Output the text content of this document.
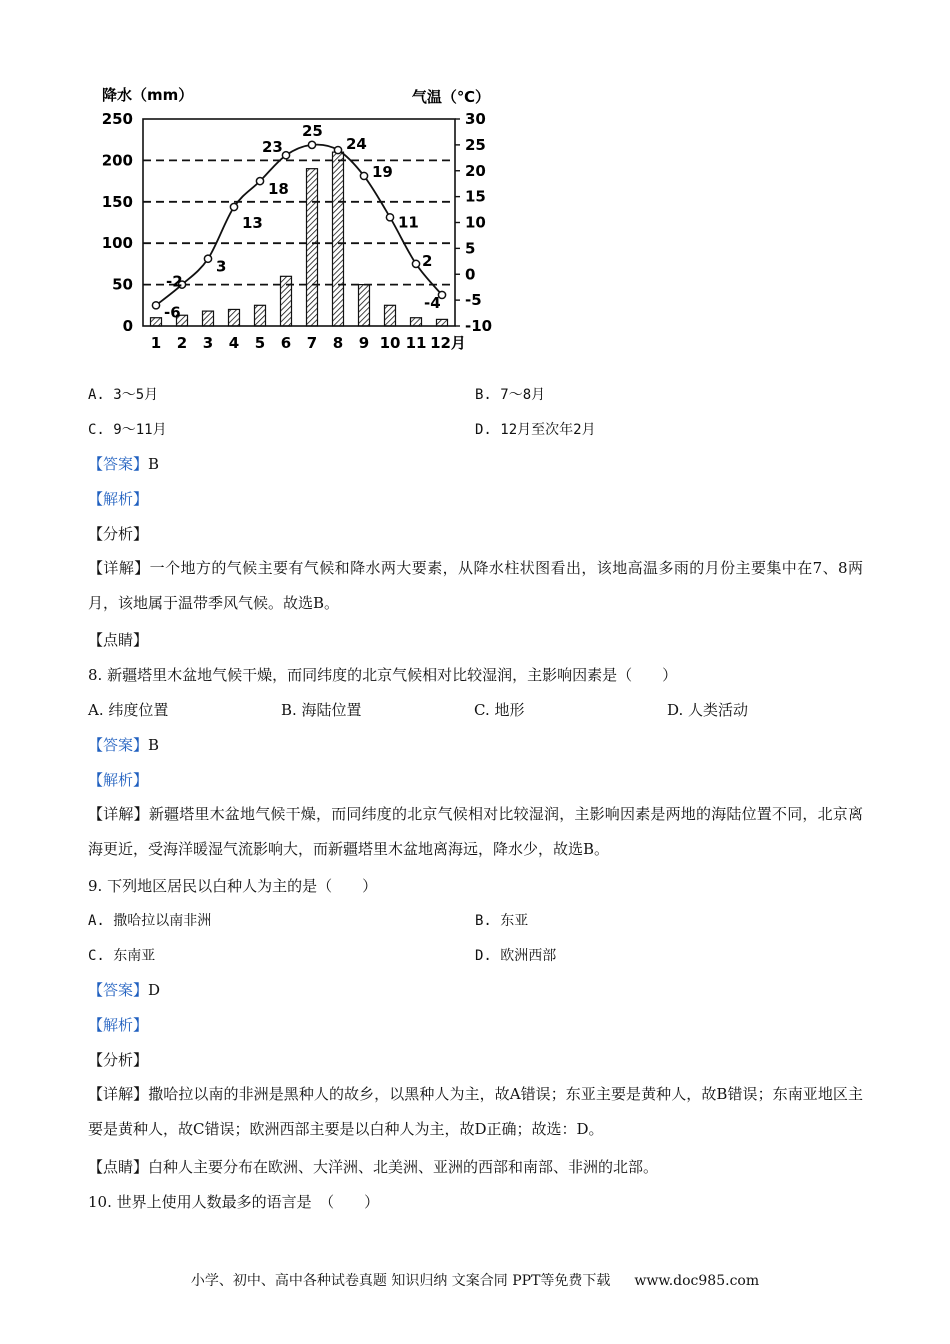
降水（mm）	气温（℃）
250
200
150
100
50
0
30
25
20
15
10
5
0
-5
-10
1 2 3 4 5 6 7 8 9 10 11 12月
-6
-2
3
13
18
23
25
24
19
11
2
-4
A. 3～5月	B. 7～8月
C. 9～11月	D. 12月至次年2月
【答案】B
【解析】
【分析】
【详解】一个地方的气候主要有气候和降水两大要素，从降水柱状图看出，该地高温多雨的月份主要集中在7、8两月，该地属于温带季风气候。故选B。
【点睛】
8. 新疆塔里木盆地气候干燥，而同纬度的北京气候相对比较湿润，主影响因素是（　　）
A. 纬度位置	B. 海陆位置	C. 地形	D. 人类活动
【答案】B
【解析】
【详解】新疆塔里木盆地气候干燥，而同纬度的北京气候相对比较湿润，主影响因素是两地的海陆位置不同，北京离海更近，受海洋暖湿气流影响大，而新疆塔里木盆地离海远，降水少，故选B。
9. 下列地区居民以白种人为主的是（　　）
A. 撒哈拉以南非洲	B. 东亚
C. 东南亚	D. 欧洲西部
【答案】D
【解析】
【分析】
【详解】撒哈拉以南的非洲是黑种人的故乡，以黑种人为主，故A错误；东亚主要是黄种人，故B错误；东南亚地区主要是黄种人，故C错误；欧洲西部主要是以白种人为主，故D正确；故选：D。
【点睛】白种人主要分布在欧洲、大洋洲、北美洲、亚洲的西部和南部、非洲的北部。
10. 世界上使用人数最多的语言是　（　　）
小学、初中、高中各种试卷真题 知识归纳 文案合同 PPT等免费下载 www.doc985.com
